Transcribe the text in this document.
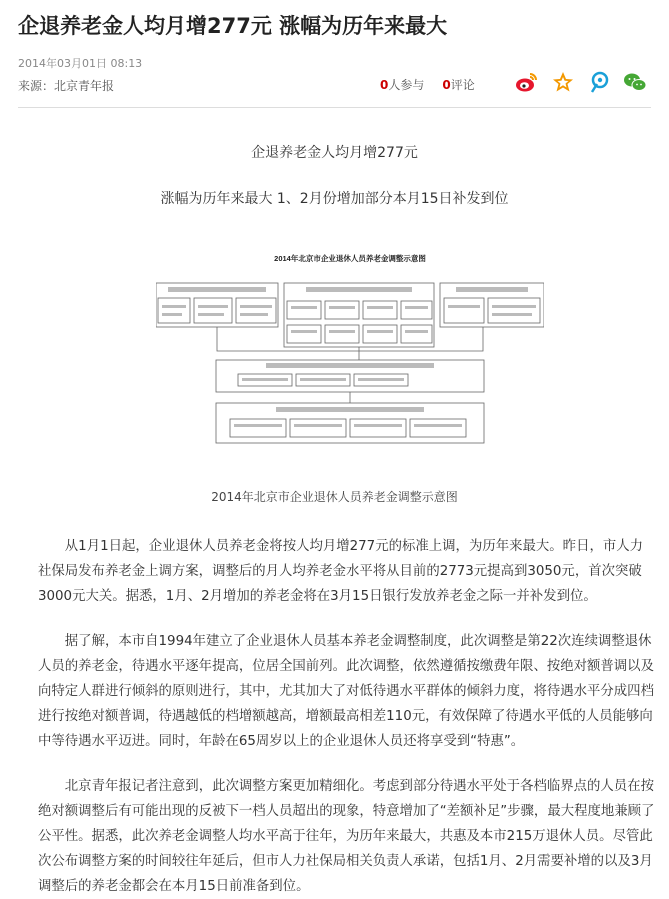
企退养老金人均月增277元 涨幅为历年来最大
2014年03月01日 08:13
来源：北京青年报	0人参与 0评论
企退养老金人均月增277元
涨幅为历年来最大 1、2月份增加部分本月15日补发到位
2014年北京市企业退休人员养老金调整示意图
2014年北京市企业退休人员养老金调整示意图

从1月1日起，企业退休人员养老金将按人均月增277元的标准上调，为历年来最大。昨日，市人力社保局发布养老金上调方案，调整后的月人均养老金水平将从目前的2773元提高到3050元，首次突破3000元大关。据悉，1月、2月增加的养老金将在3月15日银行发放养老金之际一并补发到位。

据了解，本市自1994年建立了企业退休人员基本养老金调整制度，此次调整是第22次连续调整退休人员的养老金，待遇水平逐年提高，位居全国前列。此次调整，依然遵循按缴费年限、按绝对额普调以及向特定人群进行倾斜的原则进行，其中，尤其加大了对低待遇水平群体的倾斜力度，将待遇水平分成四档进行按绝对额普调，待遇越低的档增额越高，增额最高相差110元，有效保障了待遇水平低的人员能够向中等待遇水平迈进。同时，年龄在65周岁以上的企业退休人员还将享受到“特惠”。

北京青年报记者注意到，此次调整方案更加精细化。考虑到部分待遇水平处于各档临界点的人员在按绝对额调整后有可能出现的反被下一档人员超出的现象，特意增加了“差额补足”步骤，最大程度地兼顾了公平性。据悉，此次养老金调整人均水平高于往年，为历年来最大，共惠及本市215万退休人员。尽管此次公布调整方案的时间较往年延后，但市人力社保局相关负责人承诺，包括1月、2月需要补增的以及3月调整后的养老金都会在本月15日前准备到位。
